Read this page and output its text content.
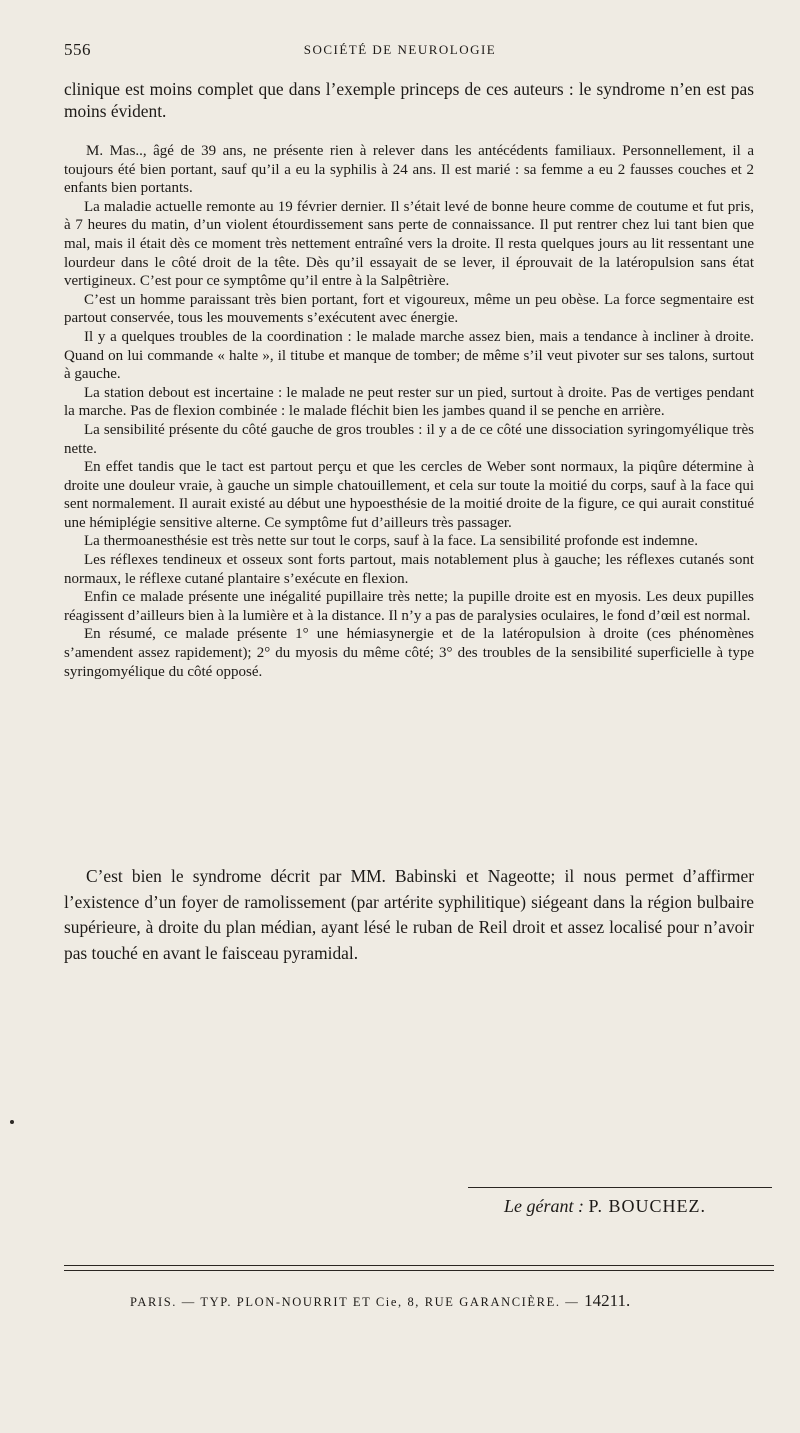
556	SOCIÉTÉ DE NEUROLOGIE

clinique est moins complet que dans l’exemple princeps de ces auteurs : le syndrome n’en est pas moins évident.

M. Mas.., âgé de 39 ans, ne présente rien à relever dans les antécédents familiaux. Personnellement, il a toujours été bien portant, sauf qu’il a eu la syphilis à 24 ans. Il est marié : sa femme a eu 2 fausses couches et 2 enfants bien portants.

La maladie actuelle remonte au 19 février dernier. Il s’était levé de bonne heure comme de coutume et fut pris, à 7 heures du matin, d’un violent étourdissement sans perte de connaissance. Il put rentrer chez lui tant bien que mal, mais il était dès ce moment très nettement entraîné vers la droite. Il resta quelques jours au lit ressentant une lourdeur dans le côté droit de la tête. Dès qu’il essayait de se lever, il éprouvait de la latéropulsion sans état vertigineux. C’est pour ce symptôme qu’il entre à la Salpêtrière.

C’est un homme paraissant très bien portant, fort et vigoureux, même un peu obèse. La force segmentaire est partout conservée, tous les mouvements s’exécutent avec énergie.

Il y a quelques troubles de la coordination : le malade marche assez bien, mais a tendance à incliner à droite. Quand on lui commande « halte », il titube et manque de tomber; de même s’il veut pivoter sur ses talons, surtout à gauche.

La station debout est incertaine : le malade ne peut rester sur un pied, surtout à droite. Pas de vertiges pendant la marche. Pas de flexion combinée : le malade fléchit bien les jambes quand il se penche en arrière.

La sensibilité présente du côté gauche de gros troubles : il y a de ce côté une dissociation syringomyélique très nette.

En effet tandis que le tact est partout perçu et que les cercles de Weber sont normaux, la piqûre détermine à droite une douleur vraie, à gauche un simple chatouillement, et cela sur toute la moitié du corps, sauf à la face qui sent normalement. Il aurait existé au début une hypoesthésie de la moitié droite de la figure, ce qui aurait constitué une hémiplégie sensitive alterne. Ce symptôme fut d’ailleurs très passager.

La thermoanesthésie est très nette sur tout le corps, sauf à la face. La sensibilité profonde est indemne.

Les réflexes tendineux et osseux sont forts partout, mais notablement plus à gauche; les réflexes cutanés sont normaux, le réflexe cutané plantaire s’exécute en flexion.

Enfin ce malade présente une inégalité pupillaire très nette; la pupille droite est en myosis. Les deux pupilles réagissent d’ailleurs bien à la lumière et à la distance. Il n’y a pas de paralysies oculaires, le fond d’œil est normal.

En résumé, ce malade présente 1° une hémiasynergie et de la latéropulsion à droite (ces phénomènes s’amendent assez rapidement); 2° du myosis du même côté; 3° des troubles de la sensibilité superficielle à type syringomyélique du côté opposé.

C’est bien le syndrome décrit par MM. Babinski et Nageotte; il nous permet d’affirmer l’existence d’un foyer de ramolissement (par artérite syphilitique) siégeant dans la région bulbaire supérieure, à droite du plan médian, ayant lésé le ruban de Reil droit et assez localisé pour n’avoir pas touché en avant le faisceau pyramidal.

Le gérant : P. BOUCHEZ.
PARIS. — TYP. PLON-NOURRIT ET Cie, 8, RUE GARANCIÈRE. — 14211.
